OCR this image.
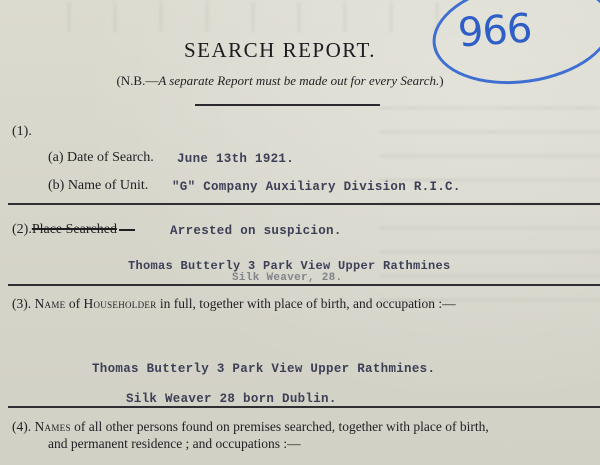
966
SEARCH REPORT.
(N.B.—A separate Report must be made out for every Search.)
(1).
(a) Date of Search. June 13th 1921.
(b) Name of Unit. "G" Company Auxiliary Division R.I.C.
(2).Place Searched	Arrested on suspicion.
Thomas Butterly 3 Park View Upper Rathmines
Silk Weaver, 28.
(3). Name of Householder in full, together with place of birth, and occupation :—
Thomas Butterly 3 Park View Upper Rathmines.
Silk Weaver 28 born Dublin.
(4). Names of all other persons found on premises searched, together with place of birth,
and permanent residence ; and occupations :—
